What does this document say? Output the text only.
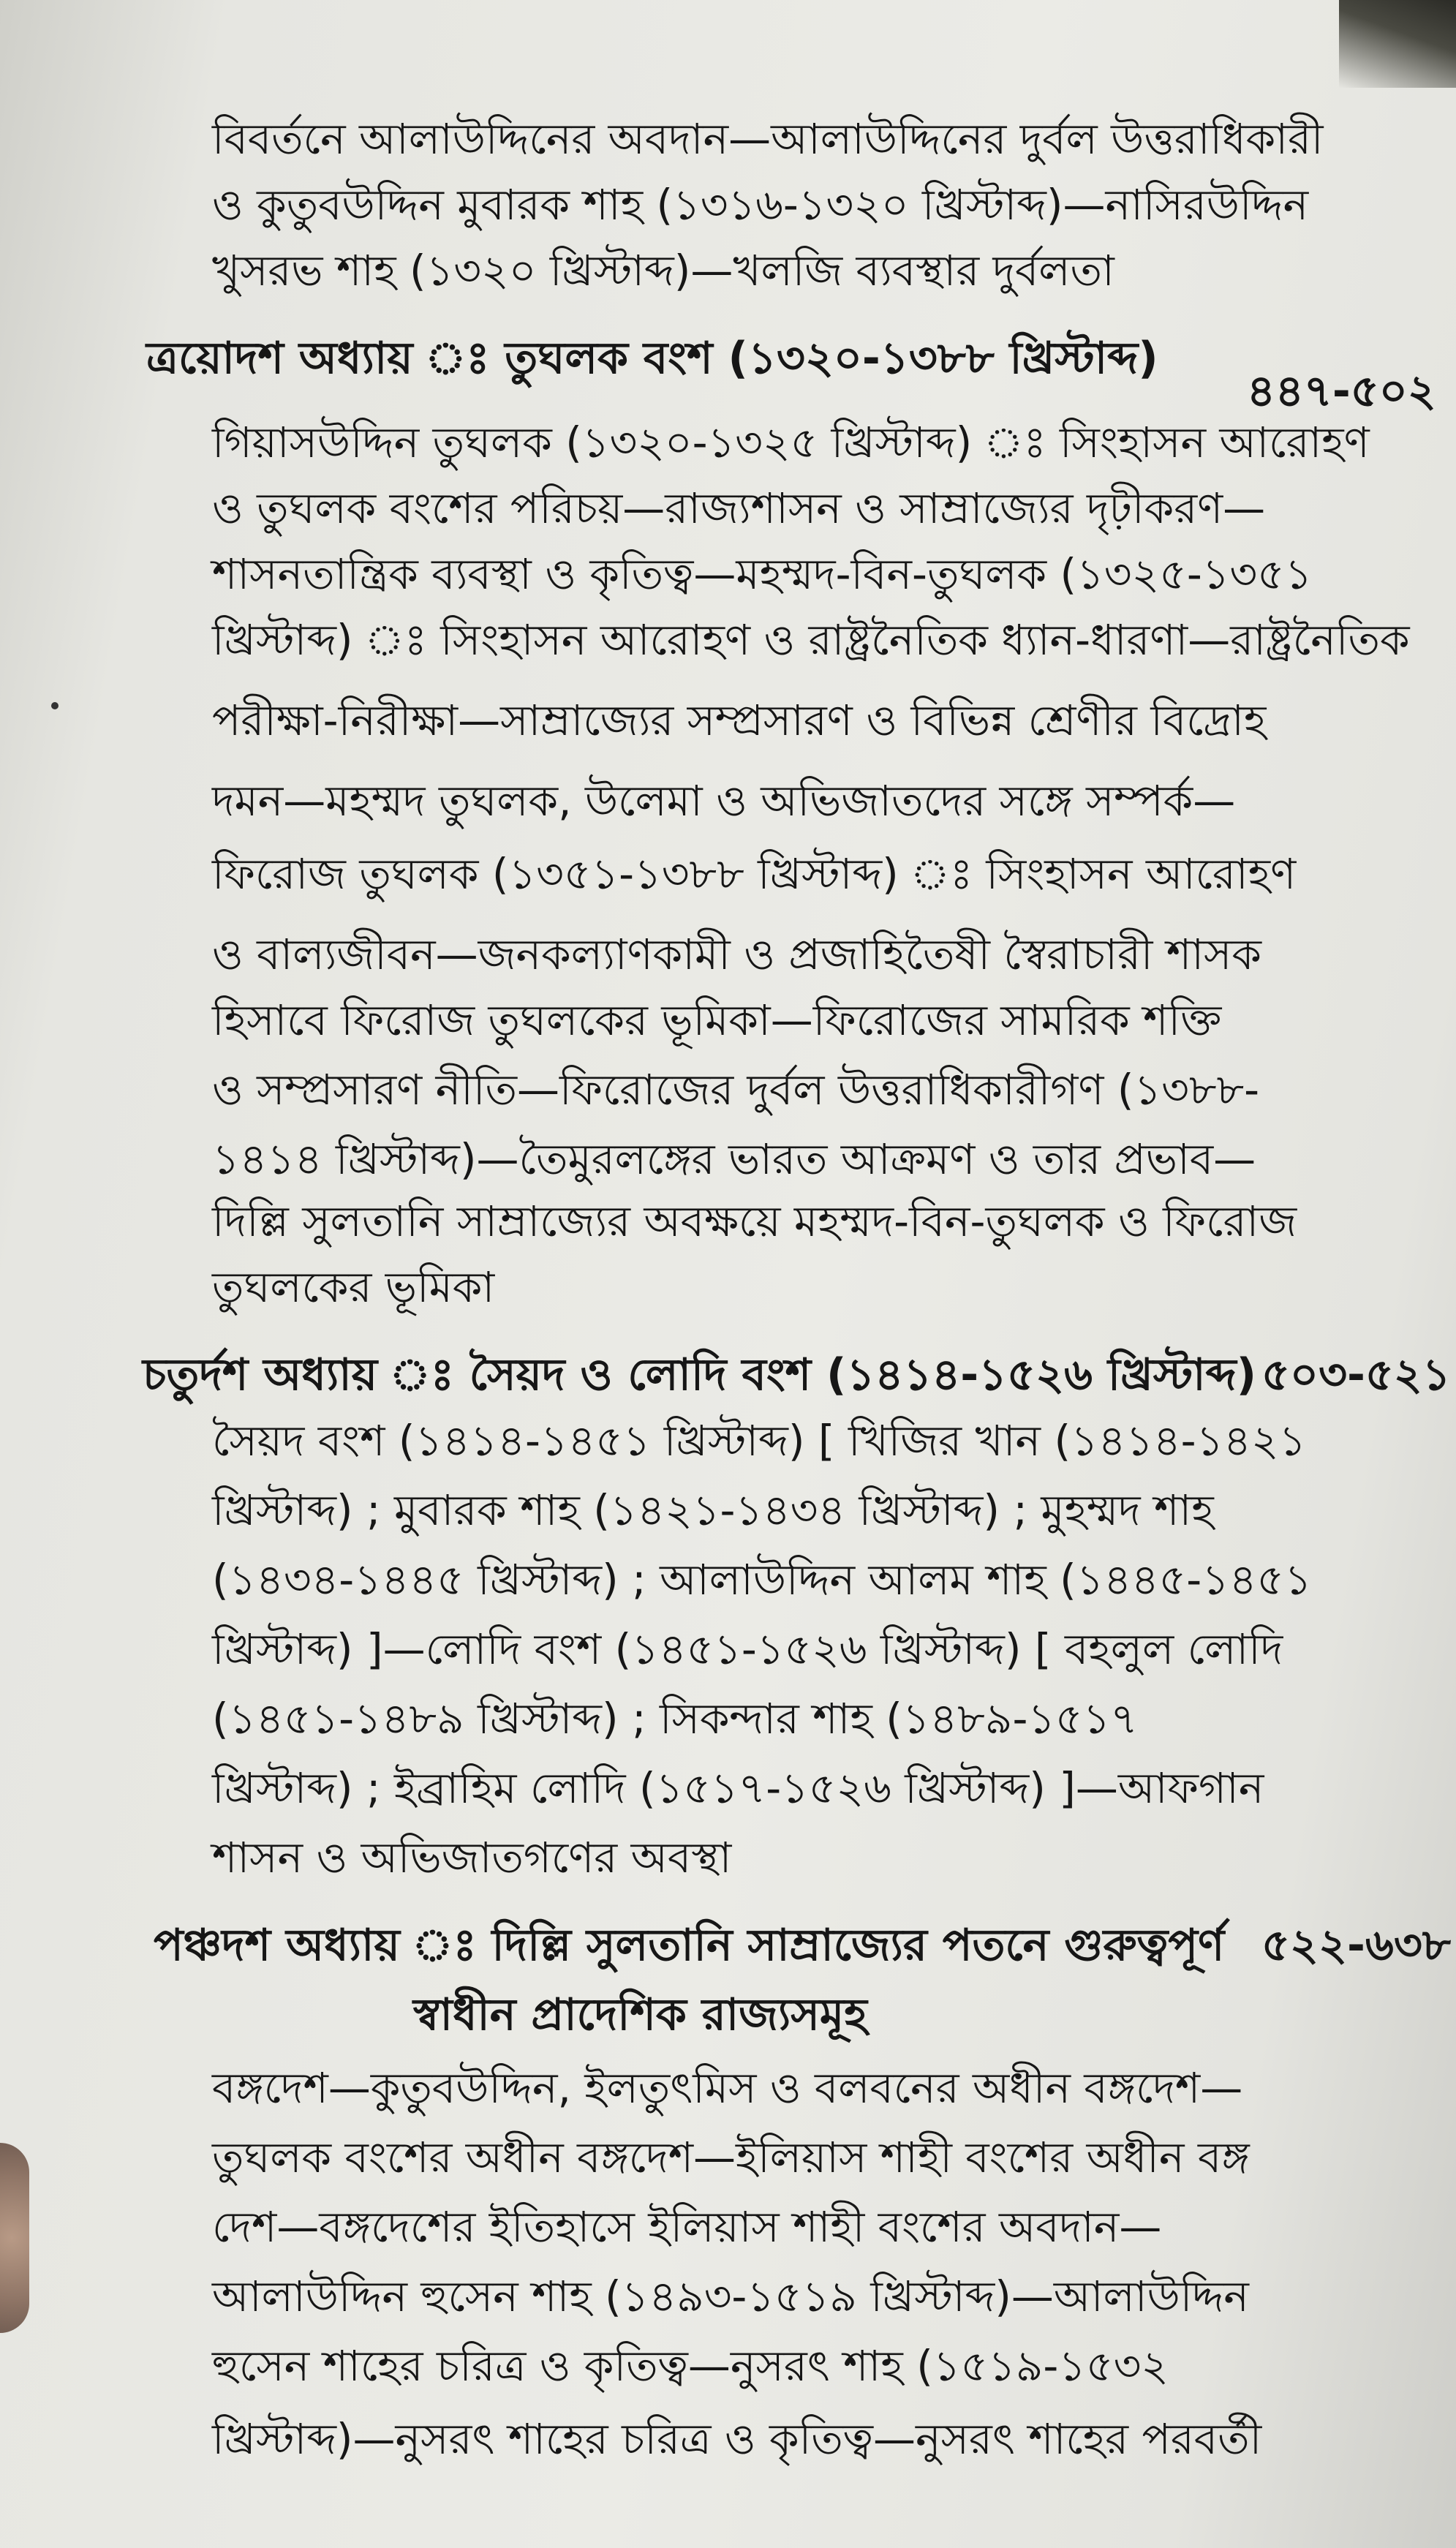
বিবর্তনে আলাউদ্দিনের অবদান—আলাউদ্দিনের দুর্বল উত্তরাধিকারী
ও কুতুবউদ্দিন মুবারক শাহ (১৩১৬-১৩২০ খ্রিস্টাব্দ)—নাসিরউদ্দিন
খুসরভ শাহ (১৩২০ খ্রিস্টাব্দ)—খলজি ব্যবস্থার দুর্বলতা
ত্রয়োদশ অধ্যায় ঃ তুঘলক বংশ (১৩২০-১৩৮৮ খ্রিস্টাব্দ)
৪৪৭-৫০২
গিয়াসউদ্দিন তুঘলক (১৩২০-১৩২৫ খ্রিস্টাব্দ) ঃ সিংহাসন আরোহণ
ও তুঘলক বংশের পরিচয়—রাজ্যশাসন ও সাম্রাজ্যের দৃঢ়ীকরণ—
শাসনতান্ত্রিক ব্যবস্থা ও কৃতিত্ব—মহম্মদ-বিন-তুঘলক (১৩২৫-১৩৫১
খ্রিস্টাব্দ) ঃ সিংহাসন আরোহণ ও রাষ্ট্রনৈতিক ধ্যান-ধারণা—রাষ্ট্রনৈতিক
পরীক্ষা-নিরীক্ষা—সাম্রাজ্যের সম্প্রসারণ ও বিভিন্ন শ্রেণীর বিদ্রোহ
দমন—মহম্মদ তুঘলক, উলেমা ও অভিজাতদের সঙ্গে সম্পর্ক—
ফিরোজ তুঘলক (১৩৫১-১৩৮৮ খ্রিস্টাব্দ) ঃ সিংহাসন আরোহণ
ও বাল্যজীবন—জনকল্যাণকামী ও প্রজাহিতৈষী স্বৈরাচারী শাসক
হিসাবে ফিরোজ তুঘলকের ভূমিকা—ফিরোজের সামরিক শক্তি
ও সম্প্রসারণ নীতি—ফিরোজের দুর্বল উত্তরাধিকারীগণ (১৩৮৮-
১৪১৪ খ্রিস্টাব্দ)—তৈমুরলঙ্গের ভারত আক্রমণ ও তার প্রভাব—
দিল্লি সুলতানি সাম্রাজ্যের অবক্ষয়ে মহম্মদ-বিন-তুঘলক ও ফিরোজ
তুঘলকের ভূমিকা
চতুর্দশ অধ্যায় ঃ সৈয়দ ও লোদি বংশ (১৪১৪-১৫২৬ খ্রিস্টাব্দ) ৫০৩-৫২১
সৈয়দ বংশ (১৪১৪-১৪৫১ খ্রিস্টাব্দ) [ খিজির খান (১৪১৪-১৪২১
খ্রিস্টাব্দ) ; মুবারক শাহ (১৪২১-১৪৩৪ খ্রিস্টাব্দ) ; মুহম্মদ শাহ
(১৪৩৪-১৪৪৫ খ্রিস্টাব্দ) ; আলাউদ্দিন আলম শাহ (১৪৪৫-১৪৫১
খ্রিস্টাব্দ) ]—লোদি বংশ (১৪৫১-১৫২৬ খ্রিস্টাব্দ) [ বহলুল লোদি
(১৪৫১-১৪৮৯ খ্রিস্টাব্দ) ; সিকন্দার শাহ (১৪৮৯-১৫১৭
খ্রিস্টাব্দ) ; ইব্রাহিম লোদি (১৫১৭-১৫২৬ খ্রিস্টাব্দ) ]—আফগান
শাসন ও অভিজাতগণের অবস্থা
পঞ্চদশ অধ্যায় ঃ দিল্লি সুলতানি সাম্রাজ্যের পতনে গুরুত্বপূর্ণ ৫২২-৬৩৮
স্বাধীন প্রাদেশিক রাজ্যসমূহ
বঙ্গদেশ—কুতুবউদ্দিন, ইলতুৎমিস ও বলবনের অধীন বঙ্গদেশ—
তুঘলক বংশের অধীন বঙ্গদেশ—ইলিয়াস শাহী বংশের অধীন বঙ্গ
দেশ—বঙ্গদেশের ইতিহাসে ইলিয়াস শাহী বংশের অবদান—
আলাউদ্দিন হুসেন শাহ (১৪৯৩-১৫১৯ খ্রিস্টাব্দ)—আলাউদ্দিন
হুসেন শাহের চরিত্র ও কৃতিত্ব—নুসরৎ শাহ (১৫১৯-১৫৩২
খ্রিস্টাব্দ)—নুসরৎ শাহের চরিত্র ও কৃতিত্ব—নুসরৎ শাহের পরবর্তী
